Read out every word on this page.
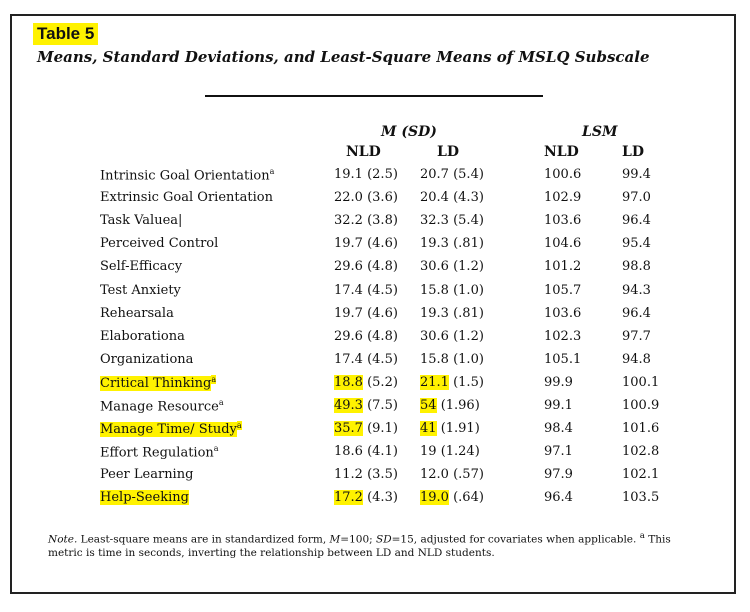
Table 5
Means, Standard Deviations, and Least-Square Means of MSLQ Subscale
M (SD)	LSM
NLD	LD	NLD	LD
Intrinsic Goal Orientation$^a$	19.1 (2.5) 20.7 (5.4)	100.6	99.4
Extrinsic Goal Orientation	22.0 (3.6) 20.4 (4.3)	102.9	97.0
Task Valuea|	32.2 (3.8) 32.3 (5.4)	103.6	96.4
Perceived Control	19.7 (4.6) 19.3 (.81)	104.6	95.4
Self-Efficacy	29.6 (4.8) 30.6 (1.2)	101.2	98.8
Test Anxiety	17.4 (4.5) 15.8 (1.0)	105.7	94.3
Rehearsala	19.7 (4.6) 19.3 (.81)	103.6	96.4
Elaborationa	29.6 (4.8) 30.6 (1.2)	102.3	97.7
Organizationa	17.4 (4.5) 15.8 (1.0)	105.1	94.8
Critical Thinking$^a$	18.8 (5.2) 21.1 (1.5)	99.9	100.1
Manage Resource$^a$	49.3 (7.5) 54 (1.96)	99.1	100.9
Manage Time/ Study$^a$	35.7 (9.1) 41 (1.91)	98.4	101.6
Effort Regulation$^a$	18.6 (4.1) 19 (1.24)	97.1	102.8
Peer Learning	11.2 (3.5) 12.0 (.57)	97.9	102.1
Help-Seeking	17.2 (4.3) 19.0 (.64)	96.4	103.5
Note. Least-square means are in standardized form, M=100; SD=15, adjusted for covariates when applicable. $^a$ This metric is time in seconds, inverting the relationship between LD and NLD students.
